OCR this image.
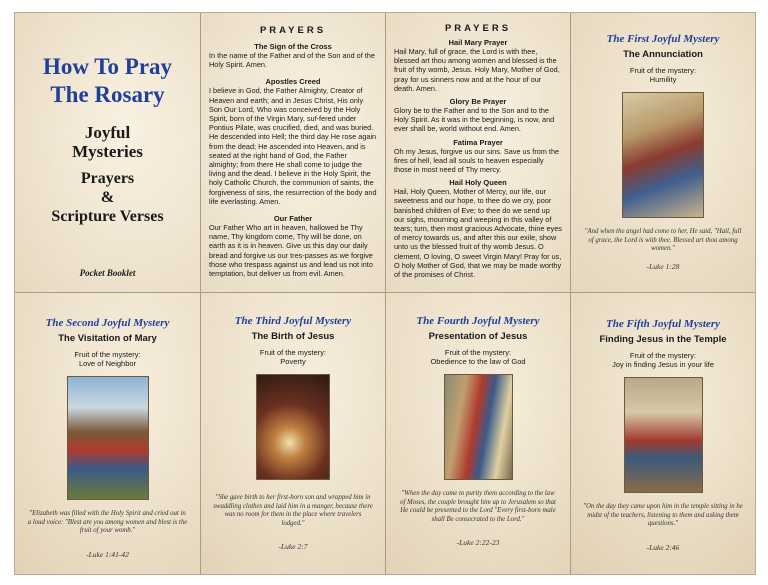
How To Pray
The Rosary
Joyful
Mysteries
Prayers
&
Scripture Verses
Pocket Booklet
PRAYERS
The Sign of the Cross
In the name of the Father and of the Son and of the Holy Spirit. Amen.
Apostles Creed
I believe in God, the Father Almighty, Creator of Heaven and earth; and in Jesus Christ, His only Son Our Lord, Who was conceived by the Holy Spirit, born of the Virgin Mary, suf-fered under Pontius Pilate, was crucified, died, and was buried. He descended into Hell; the third day He rose again from the dead; He ascended into Heaven, and is seated at the right hand of God, the Father almighty; from there He shall come to judge the living and the dead. I believe in the Holy Spirit, the holy Catholic Church, the communion of saints, the forgiveness of sins, the resurrection of the body and life everlasting. Amen.
Our Father
Our Father Who art in heaven, hallowed be Thy name, Thy kingdom come, Thy will be done, on earth as it is in heaven. Give us this day our daily bread and forgive us our tres-passes as we forgive those who trespass against us and lead us not into temptation, but deliver us from evil. Amen.
PRAYERS
Hail Mary Prayer
Hail Mary, full of grace, the Lord is with thee, blessed art thou among women and blessed is the fruit of thy womb, Jesus. Holy Mary, Mother of God, pray for us sinners now and at the hour of our death. Amen.
Glory Be Prayer
Glory be to the Father and to the Son and to the Holy Spirit. As it was in the beginning, is now, and ever shall be, world without end. Amen.
Fatima Prayer
Oh my Jesus, forgive us our sins. Save us from the fires of hell, lead all souls to heaven especially those in most need of Thy mercy.
Hail Holy Queen
Hail, Holy Queen, Mother of Mercy, our life, our sweetness and our hope, to thee do we cry, poor banished children of Eve; to thee do we send up our sighs, mourning and weeping in this valley of tears; turn, then most gracious Advocate, thine eyes of mercy towards us, and after this our exile, show unto us the blessed fruit of thy womb Jesus. O clement, O loving, O sweet Virgin Mary! Pray for us, O holy Mother of God, that we may be made worthy of the promises of Christ.
The First Joyful Mystery
The Annunciation
Fruit of the mystery:
Humility
"And when the angel had come to her, He said, "Hail, full of grace, the Lord is with thee. Blessed art thou among women."
-Luke 1:28
The Second Joyful Mystery
The Visitation of Mary
Fruit of the mystery:
Love of Neighbor
"Elizabeth was filled with the Holy Spirit and cried out in a loud voice: "Blest are you among women and blest is the fruit of your womb."
-Luke 1:41-42
The Third Joyful Mystery
The Birth of Jesus
Fruit of the mystery:
Poverty
"She gave birth to her first-born son and wrapped him in swaddling clothes and laid him in a manger, because there was no room for them in the place where travelers lodged."
-Luke 2:7
The Fourth Joyful Mystery
Presentation of Jesus
Fruit of the mystery:
Obedience to the law of God
"When the day came to purity them according to the law of Moses, the couple brought him up to Jerusalem so that He could be presented to the Lord "Every first-born male shall Be consecrated to the Lord."
-Luke 2:22-23
The Fifth Joyful Mystery
Finding Jesus in the Temple
Fruit of the mystery:
Joy in finding Jesus in your life
"On the day they came upon him in the temple sitting in he midst of the teachers, listening to them and asking them questions."
-Luke 2:46
